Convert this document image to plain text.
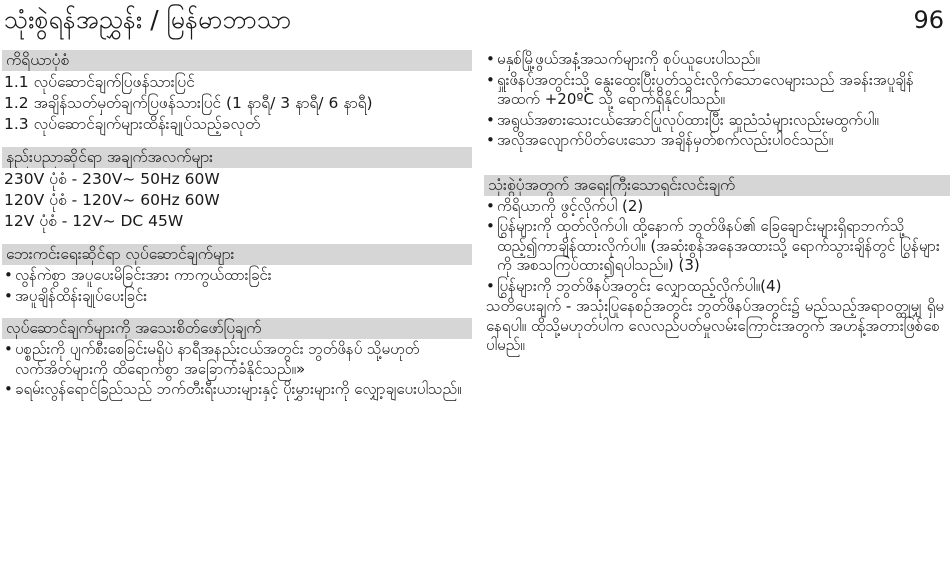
သုံးစွဲရန်အညွှန်း / မြန်မာဘာသာ	96
ကိရိယာပုံစံ
1.1 လုပ်ဆောင်ချက်ပြဖန်သားပြင်
1.2 အချိန်သတ်မှတ်ချက်ပြဖန်သားပြင် (1 နာရီ/ 3 နာရီ/ 6 နာရီ)
1.3 လုပ်ဆောင်ချက်များထိန်းချုပ်သည့်ခလုတ်
နည်းပညာဆိုင်ရာ အချက်အလက်များ
230V ပုံစံ - 230V~ 50Hz 60W
120V ပုံစံ - 120V~ 60Hz 60W
12V ပုံစံ - 12V~ DC 45W
ဘေးကင်းရေးဆိုင်ရာ လုပ်ဆောင်ချက်များ
• လွန်ကဲစွာ အပူပေးမိခြင်းအား ကာကွယ်ထားခြင်း
• အပူချိန်ထိန်းချုပ်ပေးခြင်း
လုပ်ဆောင်ချက်များကို အသေးစိတ်ဖော်ပြချက်
• ပစ္စည်းကို ပျက်စီးစေခြင်းမရှိပဲ နာရီအနည်းငယ်အတွင်း ဘွတ်ဖိနပ် သို့မဟုတ် လက်အိတ်များကို ထိရောက်စွာ အခြောက်ခံနိုင်သည်။»
• ခရမ်းလွန်ရောင်ခြည်သည် ဘက်တီးရီးယားများနှင့် ပိုးမွှားများကို လျှော့ချပေးပါသည်။
• မနှစ်မြို့ဖွယ်အနံ့အသက်များကို စုပ်ယူပေးပါသည်။
• ရှူးဖိနပ်အတွင်းသို့ နွေးထွေးပြီးပွတ်သွင်းလိုက်သောလေများသည် အခန်းအပူချိန်အထက် +20ºC သို့ ရောက်ရှိနိုင်ပါသည်။
• အရွယ်အစားသေးငယ်အောင်ပြုလုပ်ထားပြီး ဆူညံသံများလည်းမထွက်ပါ။
• အလိုအလျောက်ပိတ်ပေးသော အချိန်မှတ်စက်လည်းပါဝင်သည်။
သုံးစွဲပုံအတွက် အရေးကြီးသောရှင်းလင်းချက်
• ကိရိယာကို ဖွင့်လိုက်ပါ (2)
• ပြွန်များကို ထုတ်လိုက်ပါ၊ ထို့နောက် ဘွတ်ဖိနပ်၏ ခြေချောင်းများရှိရာဘက်သို့ ထည့်၍ကာချိန်ထားလိုက်ပါ။ (အဆုံးစွန်အနေအထားသို့ ရောက်သွားချိန်တွင် ပြွန်များကို အစသကြပ်ထား၍ရပါသည်။) (3)
• ပြွန်များကို ဘွတ်ဖိနပ်အတွင်း လျှောထည့်လိုက်ပါ။(4)

သတိပေးချက် - အသုံးပြုနေစဉ်အတွင်း ဘွတ်ဖိနပ်အတွင်း၌ မည်သည့်အရာဝတ္ထုမျှ ရှိမနေရပါ။ ထိုသို့မဟုတ်ပါက လေလည်ပတ်မှုလမ်းကြောင်းအတွက် အဟန့်အတားဖြစ်စေပါမည်။
